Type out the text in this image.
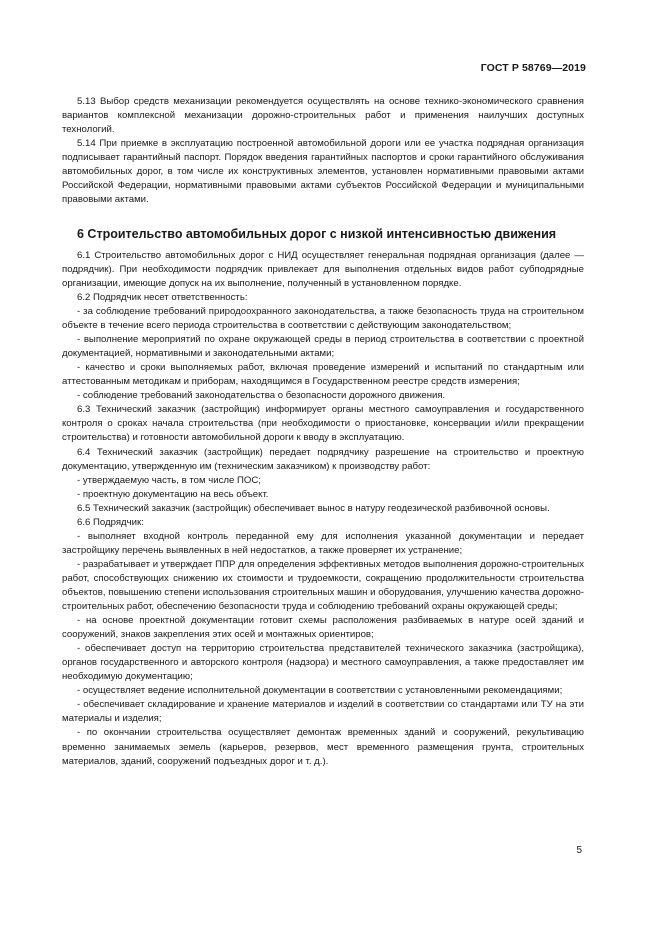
ГОСТ Р 58769—2019

5.13 Выбор средств механизации рекомендуется осуществлять на основе технико-экономического сравнения вариантов комплексной механизации дорожно-строительных работ и применения наилучших доступных технологий.

5.14 При приемке в эксплуатацию построенной автомобильной дороги или ее участка подрядная организация подписывает гарантийный паспорт. Порядок введения гарантийных паспортов и сроки гарантийного обслуживания автомобильных дорог, в том числе их конструктивных элементов, установлен нормативными правовыми актами Российской Федерации, нормативными правовыми актами субъектов Российской Федерации и муниципальными правовыми актами.

6 Строительство автомобильных дорог с низкой интенсивностью движения

6.1 Строительство автомобильных дорог с НИД осуществляет генеральная подрядная организация (далее — подрядчик). При необходимости подрядчик привлекает для выполнения отдельных видов работ субподрядные организации, имеющие допуск на их выполнение, полученный в установленном порядке.

6.2 Подрядчик несет ответственность:

- за соблюдение требований природоохранного законодательства, а также безопасность труда на строительном объекте в течение всего периода строительства в соответствии с действующим законодательством;

- выполнение мероприятий по охране окружающей среды в период строительства в соответствии с проектной документацией, нормативными и законодательными актами;

- качество и сроки выполняемых работ, включая проведение измерений и испытаний по стандартным или аттестованным методикам и приборам, находящимся в Государственном реестре средств измерения;

- соблюдение требований законодательства о безопасности дорожного движения.

6.3 Технический заказчик (застройщик) информирует органы местного самоуправления и государственного контроля о сроках начала строительства (при необходимости о приостановке, консервации и/или прекращении строительства) и готовности автомобильной дороги к вводу в эксплуатацию.

6.4 Технический заказчик (застройщик) передает подрядчику разрешение на строительство и проектную документацию, утвержденную им (техническим заказчиком) к производству работ:

- утверждаемую часть, в том числе ПОС;

- проектную документацию на весь объект.

6.5 Технический заказчик (застройщик) обеспечивает вынос в натуру геодезической разбивочной основы.

6.6 Подрядчик:

- выполняет входной контроль переданной ему для исполнения указанной документации и передает застройщику перечень выявленных в ней недостатков, а также проверяет их устранение;

- разрабатывает и утверждает ППР для определения эффективных методов выполнения дорожно-строительных работ, способствующих снижению их стоимости и трудоемкости, сокращению продолжительности строительства объектов, повышению степени использования строительных машин и оборудования, улучшению качества дорожно-строительных работ, обеспечению безопасности труда и соблюдению требований охраны окружающей среды;

- на основе проектной документации готовит схемы расположения разбиваемых в натуре осей зданий и сооружений, знаков закрепления этих осей и монтажных ориентиров;

- обеспечивает доступ на территорию строительства представителей технического заказчика (застройщика), органов государственного и авторского контроля (надзора) и местного самоуправления, а также предоставляет им необходимую документацию;

- осуществляет ведение исполнительной документации в соответствии с установленными рекомендациями;

- обеспечивает складирование и хранение материалов и изделий в соответствии со стандартами или ТУ на эти материалы и изделия;

- по окончании строительства осуществляет демонтаж временных зданий и сооружений, рекультивацию временно занимаемых земель (карьеров, резервов, мест временного размещения грунта, строительных материалов, зданий, сооружений подъездных дорог и т. д.).

5
